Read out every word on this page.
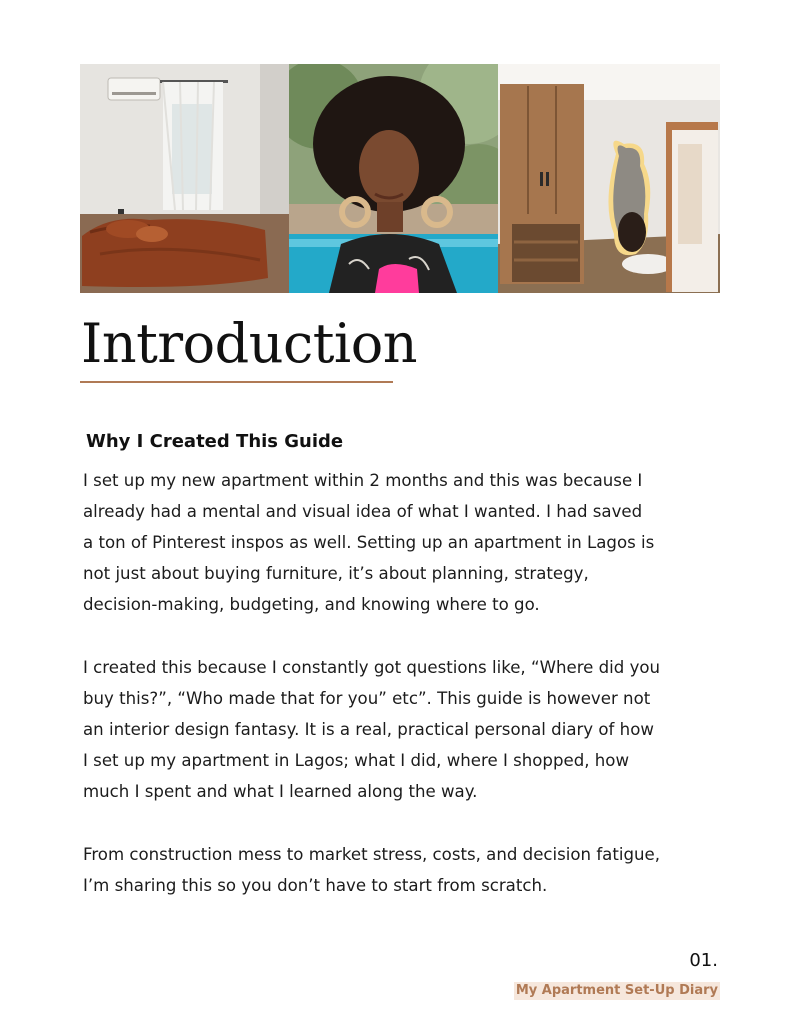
Introduction
Why I Created This Guide

I set up my new apartment within 2 months and this was because I
already had a mental and visual idea of what I wanted. I had saved
a ton of Pinterest inspos as well. Setting up an apartment in Lagos is
not just about buying furniture, it’s about planning, strategy,
decision-making, budgeting, and knowing where to go.

I created this because I constantly got questions like, “Where did you
buy this?”, “Who made that for you” etc”. This guide is however not
an interior design fantasy. It is a real, practical personal diary of how
I set up my apartment in Lagos; what I did, where I shopped, how
much I spent and what I learned along the way.

From construction mess to market stress, costs, and decision fatigue,
I’m sharing this so you don’t have to start from scratch.

01.
My Apartment Set-Up Diary
